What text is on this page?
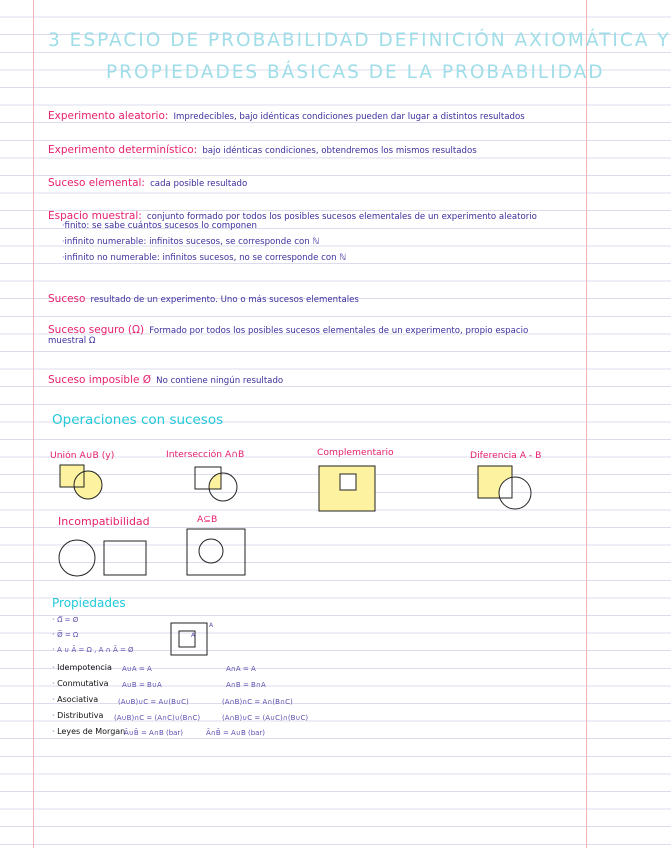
3 ESPACIO DE PROBABILIDAD DEFINICIÓN AXIOMÁTICA Y
PROPIEDADES BÁSICAS DE LA PROBABILIDAD
Experimento aleatorio: Impredecibles, bajo idénticas condiciones pueden dar lugar a distintos resultados
Experimento determinístico: bajo idénticas condiciones, obtendremos los mismos resultados
Suceso elemental: cada posible resultado
Espacio muestral: conjunto formado por todos los posibles sucesos elementales de un experimento aleatorio
·finito: se sabe cuántos sucesos lo componen
·infinito numerable: infinitos sucesos, se corresponde con ℕ
·infinito no numerable: infinitos sucesos, no se corresponde con ℕ
Suceso resultado de un experimento. Uno o más sucesos elementales
Suceso seguro (Ω) Formado por todos los posibles sucesos elementales de un experimento, propio espacio
muestral Ω
Suceso imposible Ø No contiene ningún resultado
Operaciones con sucesos
Unión A∪B (y)	Intersección A∩B	Complementario	Diferencia A - B
Incompatibilidad	A⊆B
Propiedades
· Ω̅ = Ø
· Ø̅ = Ω
· A ∪ Ā = Ω , A ∩ Ā = Ø
A
A
· Idempotencia A∪A = A	A∩A = A
· Conmutativa A∪B = B∪A	A∩B = B∩A
· Asociativa	(A∪B)∪C = A∪(B∪C)	(A∩B)∩C = A∩(B∩C)
· Distributiva (A∪B)∩C = (A∩C)∪(B∩C)	(A∩B)∪C = (A∪C)∩(B∪C)
· Leyes de Morgan
Ā∪B̄ = A∩B (bar)	Ā∩B̄ = A∪B (bar)
